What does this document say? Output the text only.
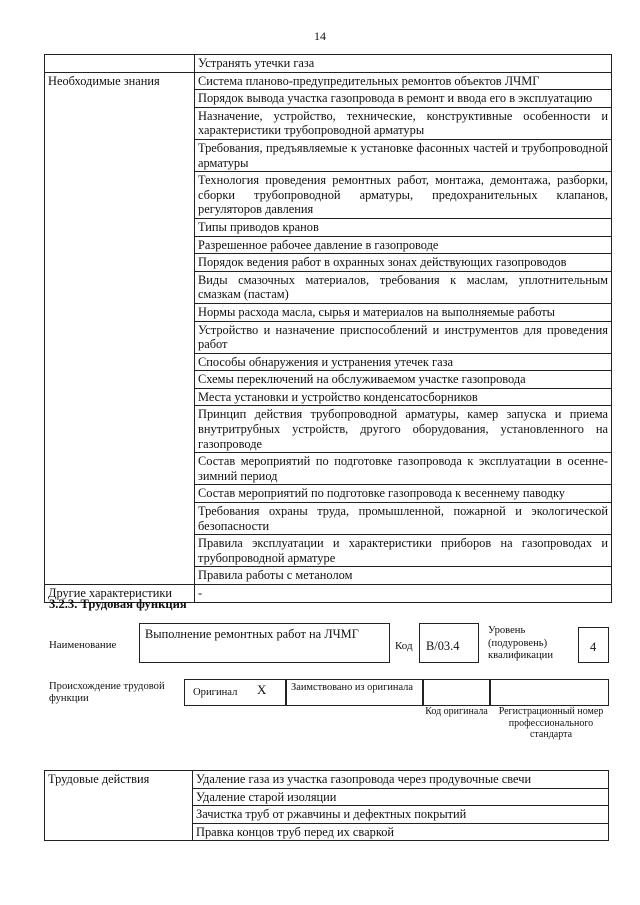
14
	Устранять утечки газа
Необходимые знания	Система планово-предупредительных ремонтов объектов ЛЧМГ
	Порядок вывода участка газопровода в ремонт и ввода его в эксплуатацию
	Назначение, устройство, технические, конструктивные особенности и характеристики трубопроводной арматуры
	Требования, предъявляемые к установке фасонных частей и трубопроводной арматуры
	Технология проведения ремонтных работ, монтажа, демонтажа, разборки, сборки трубопроводной арматуры, предохранительных клапанов, регуляторов давления
	Типы приводов кранов
	Разрешенное рабочее давление в газопроводе
	Порядок ведения работ в охранных зонах действующих газопроводов
	Виды смазочных материалов, требования к маслам, уплотнительным смазкам (пастам)
	Нормы расхода масла, сырья и материалов на выполняемые работы
	Устройство и назначение приспособлений и инструментов для проведения работ
	Способы обнаружения и устранения утечек газа
	Схемы переключений на обслуживаемом участке газопровода
	Места установки и устройство конденсатосборников
	Принцип действия трубопроводной арматуры, камер запуска и приема внутритрубных устройств, другого оборудования, установленного на газопроводе
	Состав мероприятий по подготовке газопровода к эксплуатации в осенне-зимний период
	Состав мероприятий по подготовке газопровода к весеннему паводку
	Требования охраны труда, промышленной, пожарной и экологической безопасности
	Правила эксплуатации и характеристики приборов на газопроводах и трубопроводной арматуре
	Правила работы с метанолом
Другие характеристики	-
3.2.3. Трудовая функция
Наименование
Выполнение ремонтных работ на ЛЧМГ
Код	B/03.4
Уровень (подуровень) квалификации
4
Происхождение трудовой функции	Оригинал X Заимствовано из оригинала
Код оригинала Регистрационный номер профессионального стандарта
Трудовые действия	Удаление газа из участка газопровода через продувочные свечи
Удаление старой изоляции
Зачистка труб от ржавчины и дефектных покрытий
Правка концов труб перед их сваркой
